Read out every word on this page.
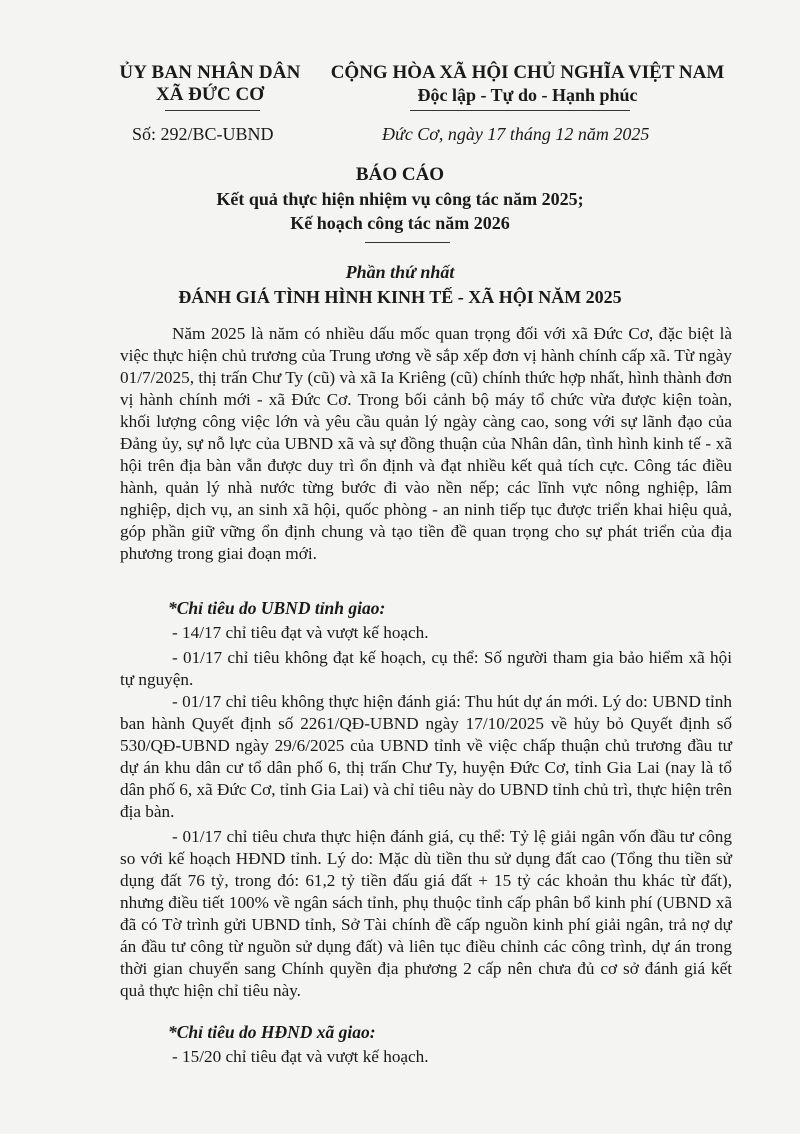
ỦY BAN NHÂN DÂN
XÃ ĐỨC CƠ
CỘNG HÒA XÃ HỘI CHỦ NGHĨA VIỆT NAM
Độc lập - Tự do - Hạnh phúc
Số: 292/BC-UBND	Đức Cơ, ngày 17 tháng 12 năm 2025
BÁO CÁO
Kết quả thực hiện nhiệm vụ công tác năm 2025;
Kế hoạch công tác năm 2026
Phần thứ nhất
ĐÁNH GIÁ TÌNH HÌNH KINH TẾ - XÃ HỘI NĂM 2025

Năm 2025 là năm có nhiều dấu mốc quan trọng đối với xã Đức Cơ, đặc biệt là việc thực hiện chủ trương của Trung ương về sắp xếp đơn vị hành chính cấp xã. Từ ngày 01/7/2025, thị trấn Chư Ty (cũ) và xã Ia Kriêng (cũ) chính thức hợp nhất, hình thành đơn vị hành chính mới - xã Đức Cơ. Trong bối cảnh bộ máy tổ chức vừa được kiện toàn, khối lượng công việc lớn và yêu cầu quản lý ngày càng cao, song với sự lãnh đạo của Đảng ủy, sự nỗ lực của UBND xã và sự đồng thuận của Nhân dân, tình hình kinh tế - xã hội trên địa bàn vẫn được duy trì ổn định và đạt nhiều kết quả tích cực. Công tác điều hành, quản lý nhà nước từng bước đi vào nền nếp; các lĩnh vực nông nghiệp, lâm nghiệp, dịch vụ, an sinh xã hội, quốc phòng - an ninh tiếp tục được triển khai hiệu quả, góp phần giữ vững ổn định chung và tạo tiền đề quan trọng cho sự phát triển của địa phương trong giai đoạn mới.

*Chỉ tiêu do UBND tỉnh giao:

- 14/17 chỉ tiêu đạt và vượt kế hoạch.

- 01/17 chỉ tiêu không đạt kế hoạch, cụ thể: Số người tham gia bảo hiểm xã hội tự nguyện.

- 01/17 chỉ tiêu không thực hiện đánh giá: Thu hút dự án mới. Lý do: UBND tỉnh ban hành Quyết định số 2261/QĐ-UBND ngày 17/10/2025 về hủy bỏ Quyết định số 530/QĐ-UBND ngày 29/6/2025 của UBND tỉnh về việc chấp thuận chủ trương đầu tư dự án khu dân cư tổ dân phố 6, thị trấn Chư Ty, huyện Đức Cơ, tỉnh Gia Lai (nay là tổ dân phố 6, xã Đức Cơ, tỉnh Gia Lai) và chỉ tiêu này do UBND tỉnh chủ trì, thực hiện trên địa bàn.

- 01/17 chỉ tiêu chưa thực hiện đánh giá, cụ thể: Tỷ lệ giải ngân vốn đầu tư công so với kế hoạch HĐND tỉnh. Lý do: Mặc dù tiền thu sử dụng đất cao (Tổng thu tiền sử dụng đất 76 tỷ, trong đó: 61,2 tỷ tiền đấu giá đất + 15 tỷ các khoản thu khác từ đất), nhưng điều tiết 100% về ngân sách tỉnh, phụ thuộc tỉnh cấp phân bổ kinh phí (UBND xã đã có Tờ trình gửi UBND tỉnh, Sở Tài chính đề cấp nguồn kinh phí giải ngân, trả nợ dự án đầu tư công từ nguồn sử dụng đất) và liên tục điều chỉnh các công trình, dự án trong thời gian chuyển sang Chính quyền địa phương 2 cấp nên chưa đủ cơ sở đánh giá kết quả thực hiện chỉ tiêu này.

*Chỉ tiêu do HĐND xã giao:

- 15/20 chỉ tiêu đạt và vượt kế hoạch.
